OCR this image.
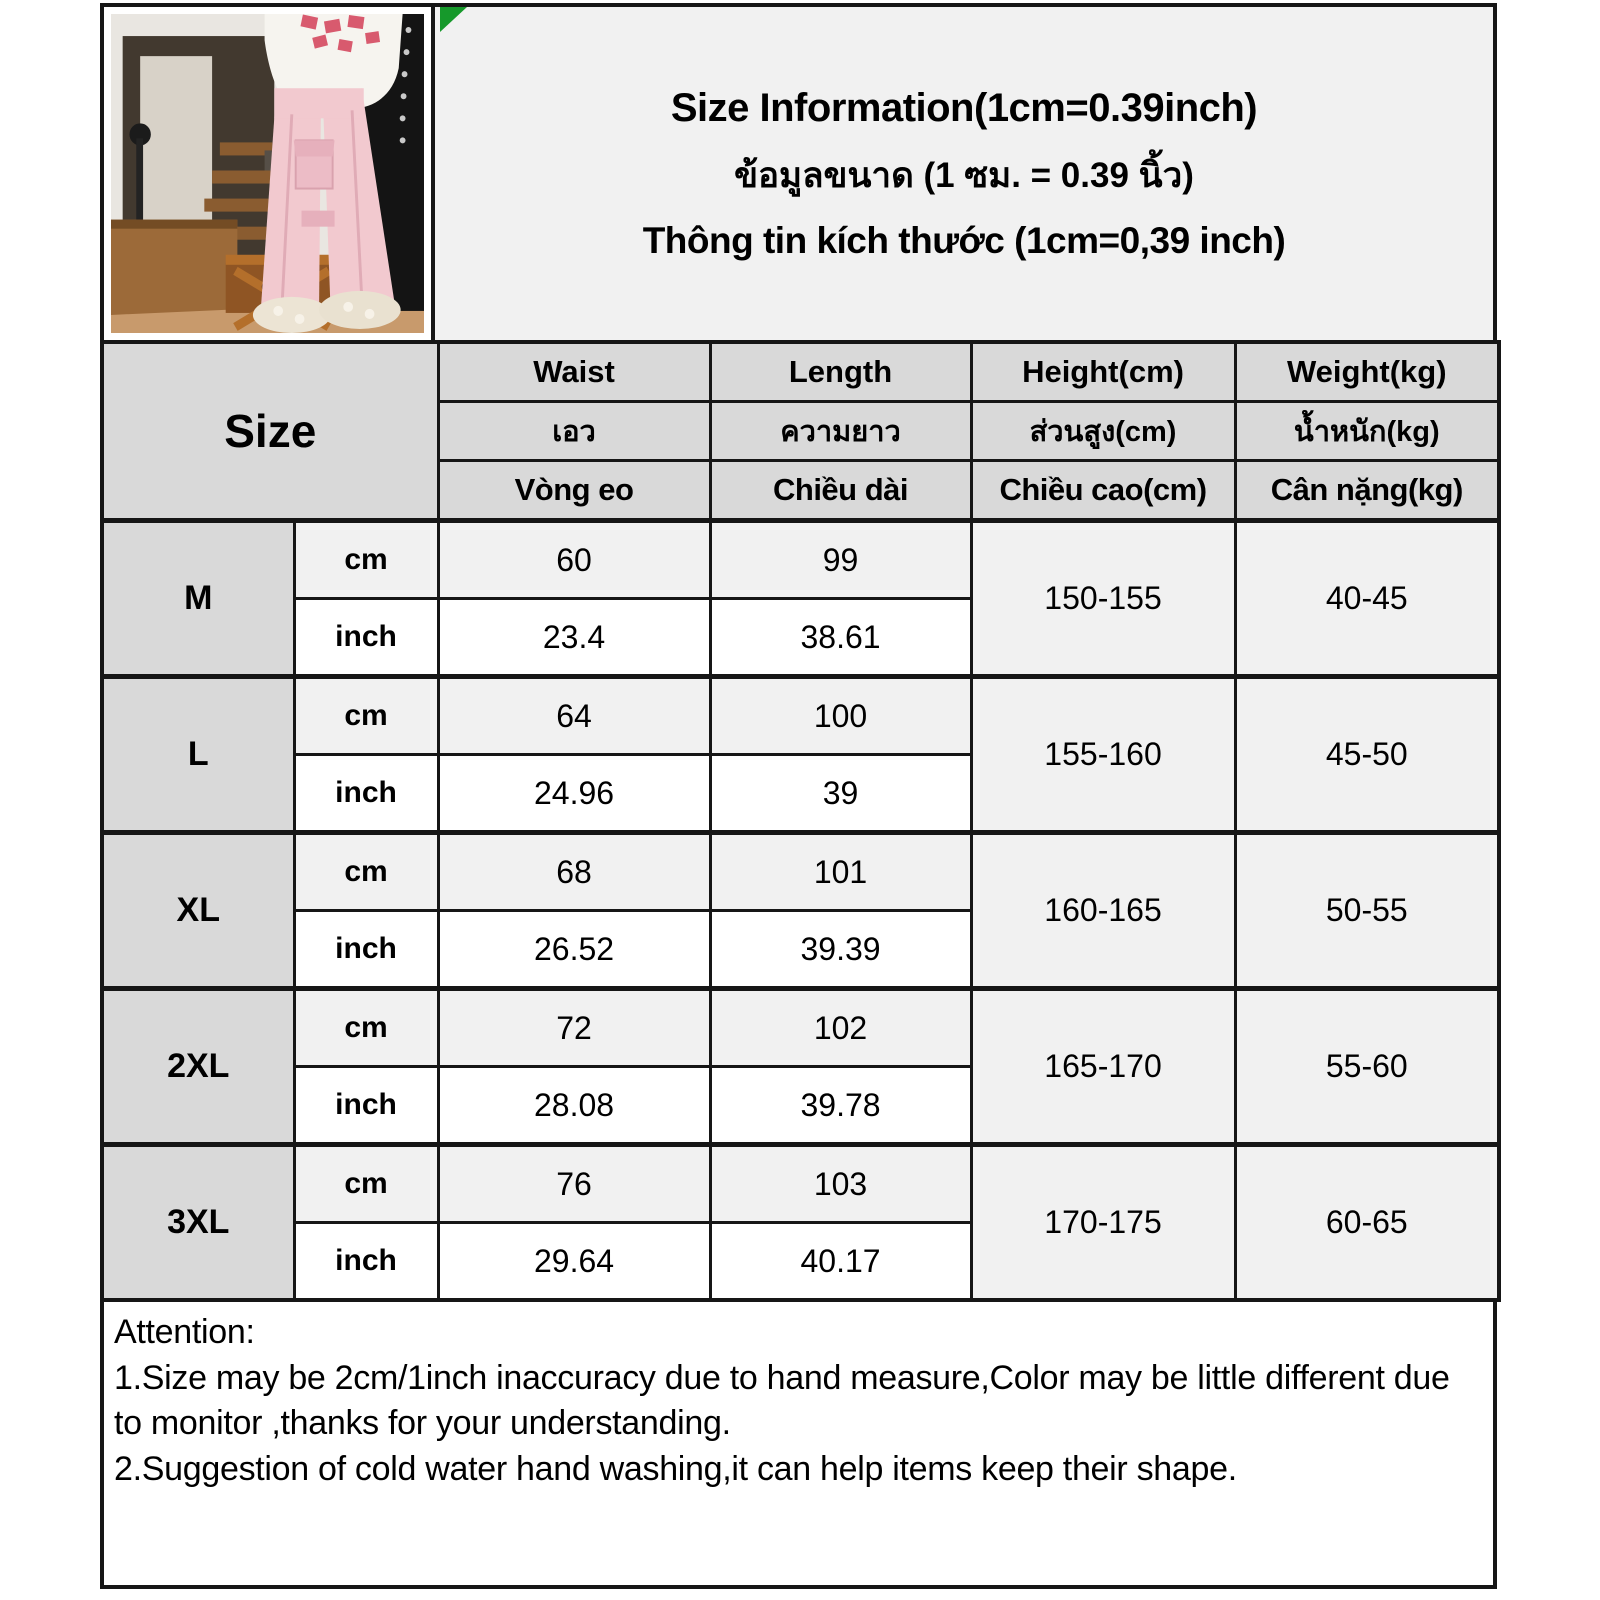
Size Information(1cm=0.39inch)
ข้อมูลขนาด (1 ซม. = 0.39 นิ้ว)
Thông tin kích thước (1cm=0,39 inch)
Size		Waist	Length	Height(cm)	Weight(kg)
		เอว	ความยาว	ส่วนสูง(cm)	น้ำหนัก(kg)
		Vòng eo	Chiều dài	Chiều cao(cm)	Cân nặng(kg)
M	cm	60	99	150-155	40-45
	inch	23.4	38.61		
L	cm	64	100	155-160	45-50
	inch	24.96	39		
XL	cm	68	101	160-165	50-55
	inch	26.52	39.39		
2XL	cm	72	102	165-170	55-60
	inch	28.08	39.78		
3XL	cm	76	103	170-175	60-65
	inch	29.64	40.17		

Attention:

1.Size may be 2cm/1inch inaccuracy due to hand measure,Color may be little different due to monitor ,thanks for your understanding.

2.Suggestion of cold water hand washing,it can help items keep their shape.
